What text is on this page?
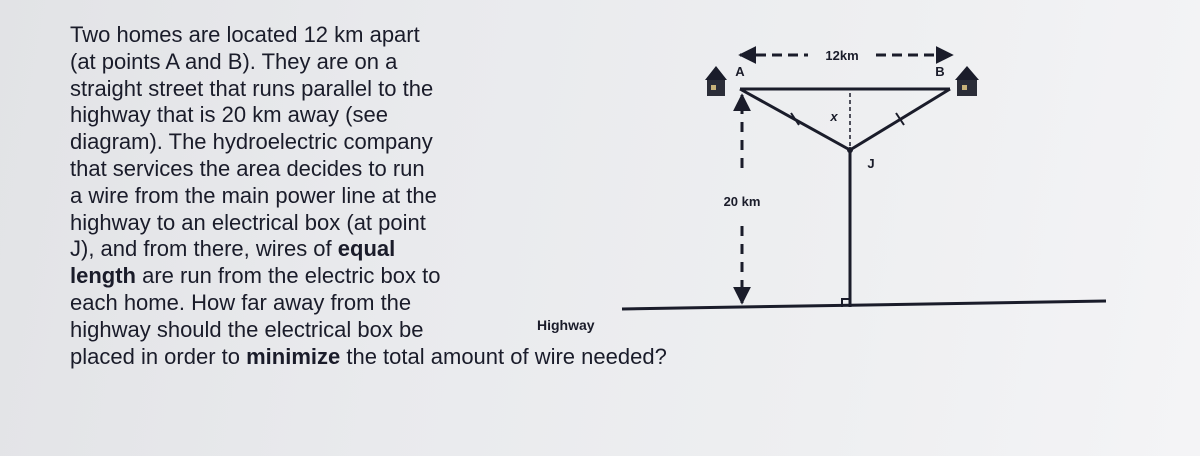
Two homes are located 12 km apart
(at points A and B). They are on a
straight street that runs parallel to the
highway that is 20 km away (see
diagram). The hydroelectric company
that services the area decides to run
a wire from the main power line at the
highway to an electrical box (at point
J), and from there, wires of equal
length are run from the electric box to
each home. How far away from the
highway should the electrical box be
placed in order to minimize the total amount of wire needed?
12km
A	B
x
J
20 km
Highway
